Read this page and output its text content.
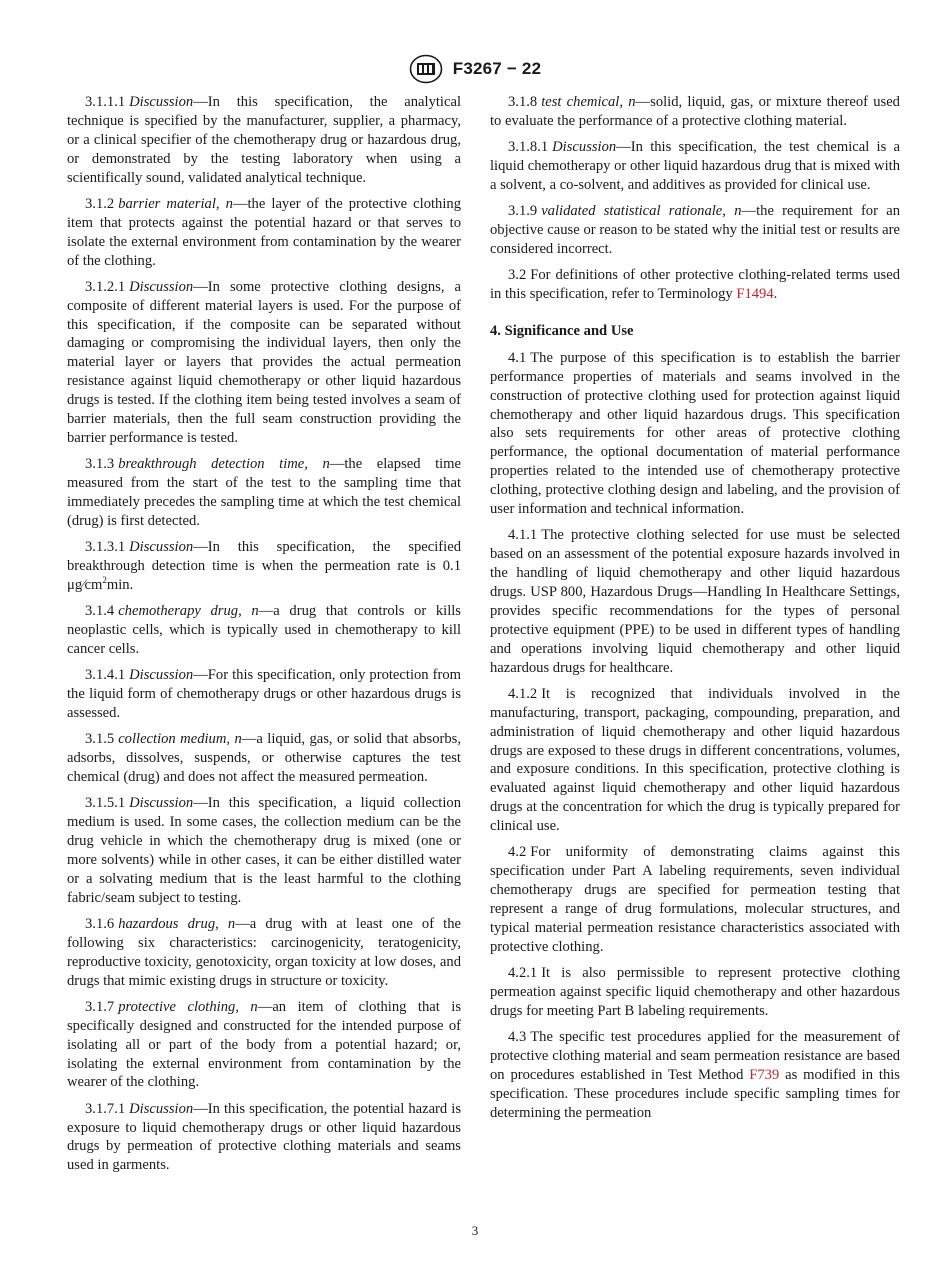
F3267 − 22

3.1.1.1 Discussion—In this specification, the analytical technique is specified by the manufacturer, supplier, a pharmacy, or a clinical specifier of the chemotherapy drug or hazardous drug, or demonstrated by the testing laboratory when using a scientifically sound, validated analytical technique.

3.1.2 barrier material, n—the layer of the protective clothing item that protects against the potential hazard or that serves to isolate the external environment from contamination by the wearer of the clothing.

3.1.2.1 Discussion—In some protective clothing designs, a composite of different material layers is used. For the purpose of this specification, if the composite can be separated without damaging or compromising the individual layers, then only the material layer or layers that provides the actual permeation resistance against liquid chemotherapy or other liquid hazardous drugs is tested. If the clothing item being tested involves a seam of barrier materials, then the full seam construction providing the barrier performance is tested.

3.1.3 breakthrough detection time, n—the elapsed time measured from the start of the test to the sampling time that immediately precedes the sampling time at which the test chemical (drug) is first detected.

3.1.3.1 Discussion—In this specification, the specified breakthrough detection time is when the permeation rate is 0.1 $\mu g⁄cm^2\min$.

3.1.4 chemotherapy drug, n—a drug that controls or kills neoplastic cells, which is typically used in chemotherapy to kill cancer cells.

3.1.4.1 Discussion—For this specification, only protection from the liquid form of chemotherapy drugs or other hazardous drugs is assessed.

3.1.5 collection medium, n—a liquid, gas, or solid that absorbs, adsorbs, dissolves, suspends, or otherwise captures the test chemical (drug) and does not affect the measured permeation.

3.1.5.1 Discussion—In this specification, a liquid collection medium is used. In some cases, the collection medium can be the drug vehicle in which the chemotherapy drug is mixed (one or more solvents) while in other cases, it can be either distilled water or a solvating medium that is the least harmful to the clothing fabric/seam subject to testing.

3.1.6 hazardous drug, n—a drug with at least one of the following six characteristics: carcinogenicity, teratogenicity, reproductive toxicity, genotoxicity, organ toxicity at low doses, and drugs that mimic existing drugs in structure or toxicity.

3.1.7 protective clothing, n—an item of clothing that is specifically designed and constructed for the intended purpose of isolating all or part of the body from a potential hazard; or, isolating the external environment from contamination by the wearer of the clothing.

3.1.7.1 Discussion—In this specification, the potential hazard is exposure to liquid chemotherapy drugs or other liquid hazardous drugs by permeation of protective clothing materials and seams used in garments.

3.1.8 test chemical, n—solid, liquid, gas, or mixture thereof used to evaluate the performance of a protective clothing material.

3.1.8.1 Discussion—In this specification, the test chemical is a liquid chemotherapy or other liquid hazardous drug that is mixed with a solvent, a co-solvent, and additives as provided for clinical use.

3.1.9 validated statistical rationale, n—the requirement for an objective cause or reason to be stated why the initial test or results are considered incorrect.

3.2 For definitions of other protective clothing-related terms used in this specification, refer to Terminology F1494.

4. Significance and Use

4.1 The purpose of this specification is to establish the barrier performance properties of materials and seams involved in the construction of protective clothing used for protection against liquid chemotherapy and other liquid hazardous drugs. This specification also sets requirements for other areas of protective clothing performance, the optional documentation of material performance properties related to the intended use of chemotherapy protective clothing, protective clothing design and labeling, and the provision of user information and technical information.

4.1.1 The protective clothing selected for use must be selected based on an assessment of the potential exposure hazards involved in the handling of liquid chemotherapy and other liquid hazardous drugs. USP 800, Hazardous Drugs—Handling In Healthcare Settings, provides specific recommendations for the types of personal protective equipment (PPE) to be used in different types of handling and operations involving liquid chemotherapy and other liquid hazardous drugs for healthcare.

4.1.2 It is recognized that individuals involved in the manufacturing, transport, packaging, compounding, preparation, and administration of liquid chemotherapy and other liquid hazardous drugs are exposed to these drugs in different concentrations, volumes, and exposure conditions. In this specification, protective clothing is evaluated against liquid chemotherapy and other liquid hazardous drugs at the concentration for which the drug is typically prepared for clinical use.

4.2 For uniformity of demonstrating claims against this specification under Part A labeling requirements, seven individual chemotherapy drugs are specified for permeation testing that represent a range of drug formulations, molecular structures, and typical material permeation resistance characteristics associated with protective clothing.

4.2.1 It is also permissible to represent protective clothing permeation against specific liquid chemotherapy and other hazardous drugs for meeting Part B labeling requirements.

4.3 The specific test procedures applied for the measurement of protective clothing material and seam permeation resistance are based on procedures established in Test Method F739 as modified in this specification. These procedures include specific sampling times for determining the permeation

3
